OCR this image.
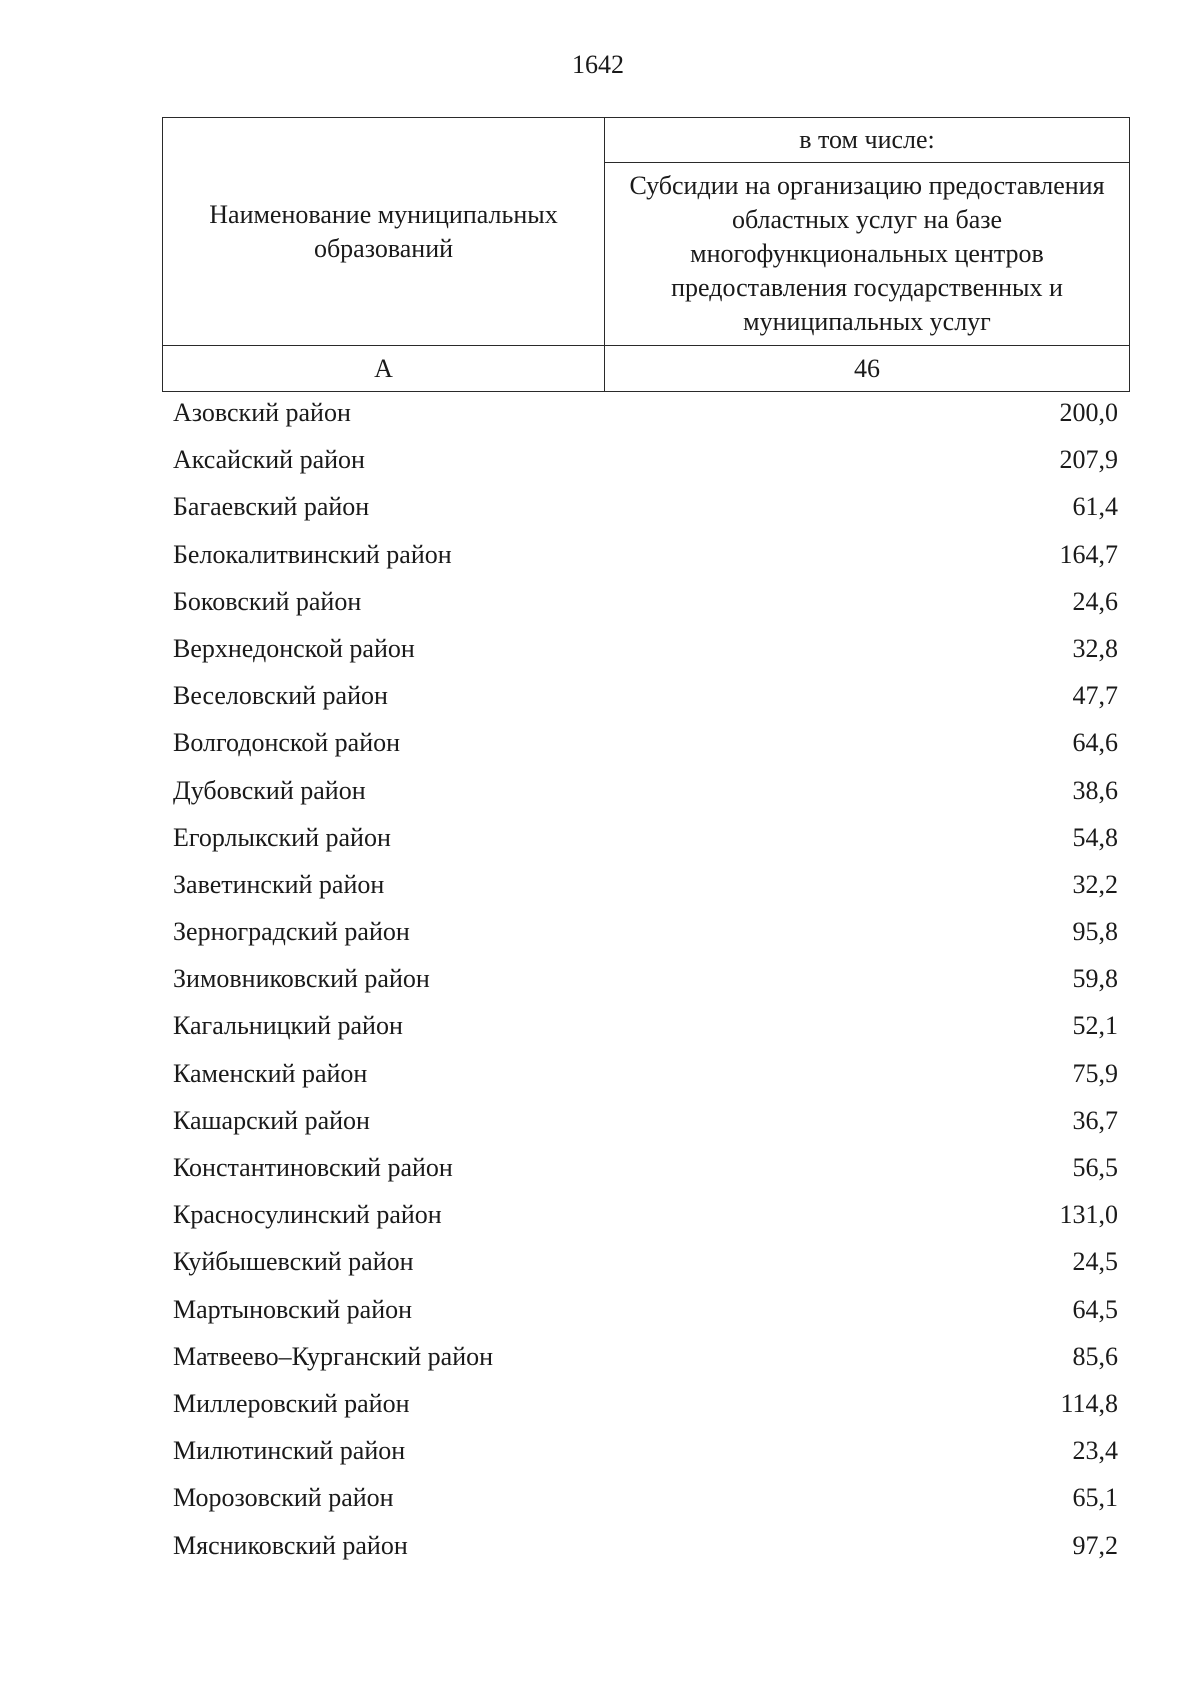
1642
Наименование муниципальных образований	в том числе:
	Субсидии на организацию предоставления областных услуг на базе многофункциональных центров предоставления государственных и муниципальных услуг
А	46
Азовский район	200,0
Аксайский район	207,9
Багаевский район	61,4
Белокалитвинский район	164,7
Боковский район	24,6
Верхнедонской район	32,8
Веселовский район	47,7
Волгодонской район	64,6
Дубовский район	38,6
Егорлыкский район	54,8
Заветинский район	32,2
Зерноградский район	95,8
Зимовниковский район	59,8
Кагальницкий район	52,1
Каменский район	75,9
Кашарский район	36,7
Константиновский район	56,5
Красносулинский район	131,0
Куйбышевский район	24,5
Мартыновский район	64,5
Матвеево–Курганский район	85,6
Миллеровский район	114,8
Милютинский район	23,4
Морозовский район	65,1
Мясниковский район	97,2
